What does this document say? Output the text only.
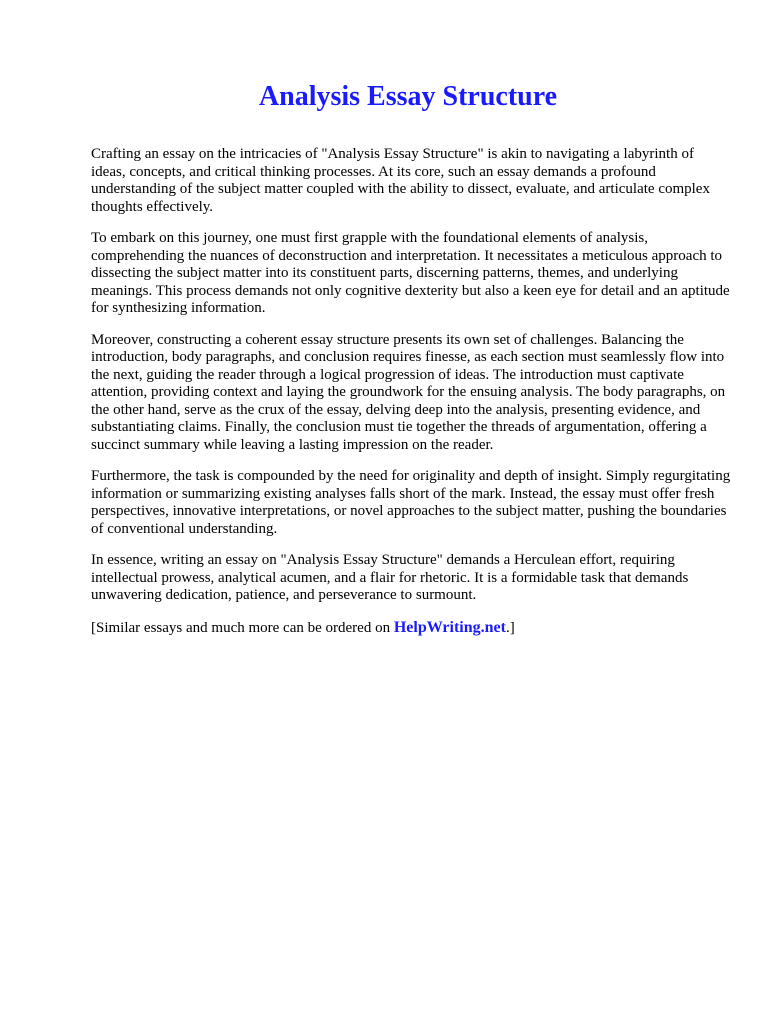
Analysis Essay Structure

Crafting an essay on the intricacies of "Analysis Essay Structure" is akin to navigating a labyrinth of ideas, concepts, and critical thinking processes. At its core, such an essay demands a profound understanding of the subject matter coupled with the ability to dissect, evaluate, and articulate complex thoughts effectively.

To embark on this journey, one must first grapple with the foundational elements of analysis, comprehending the nuances of deconstruction and interpretation. It necessitates a meticulous approach to dissecting the subject matter into its constituent parts, discerning patterns, themes, and underlying meanings. This process demands not only cognitive dexterity but also a keen eye for detail and an aptitude for synthesizing information.

Moreover, constructing a coherent essay structure presents its own set of challenges. Balancing the introduction, body paragraphs, and conclusion requires finesse, as each section must seamlessly flow into the next, guiding the reader through a logical progression of ideas. The introduction must captivate attention, providing context and laying the groundwork for the ensuing analysis. The body paragraphs, on the other hand, serve as the crux of the essay, delving deep into the analysis, presenting evidence, and substantiating claims. Finally, the conclusion must tie together the threads of argumentation, offering a succinct summary while leaving a lasting impression on the reader.

Furthermore, the task is compounded by the need for originality and depth of insight. Simply regurgitating information or summarizing existing analyses falls short of the mark. Instead, the essay must offer fresh perspectives, innovative interpretations, or novel approaches to the subject matter, pushing the boundaries of conventional understanding.

In essence, writing an essay on "Analysis Essay Structure" demands a Herculean effort, requiring intellectual prowess, analytical acumen, and a flair for rhetoric. It is a formidable task that demands unwavering dedication, patience, and perseverance to surmount.

[Similar essays and much more can be ordered on HelpWriting.net.]
